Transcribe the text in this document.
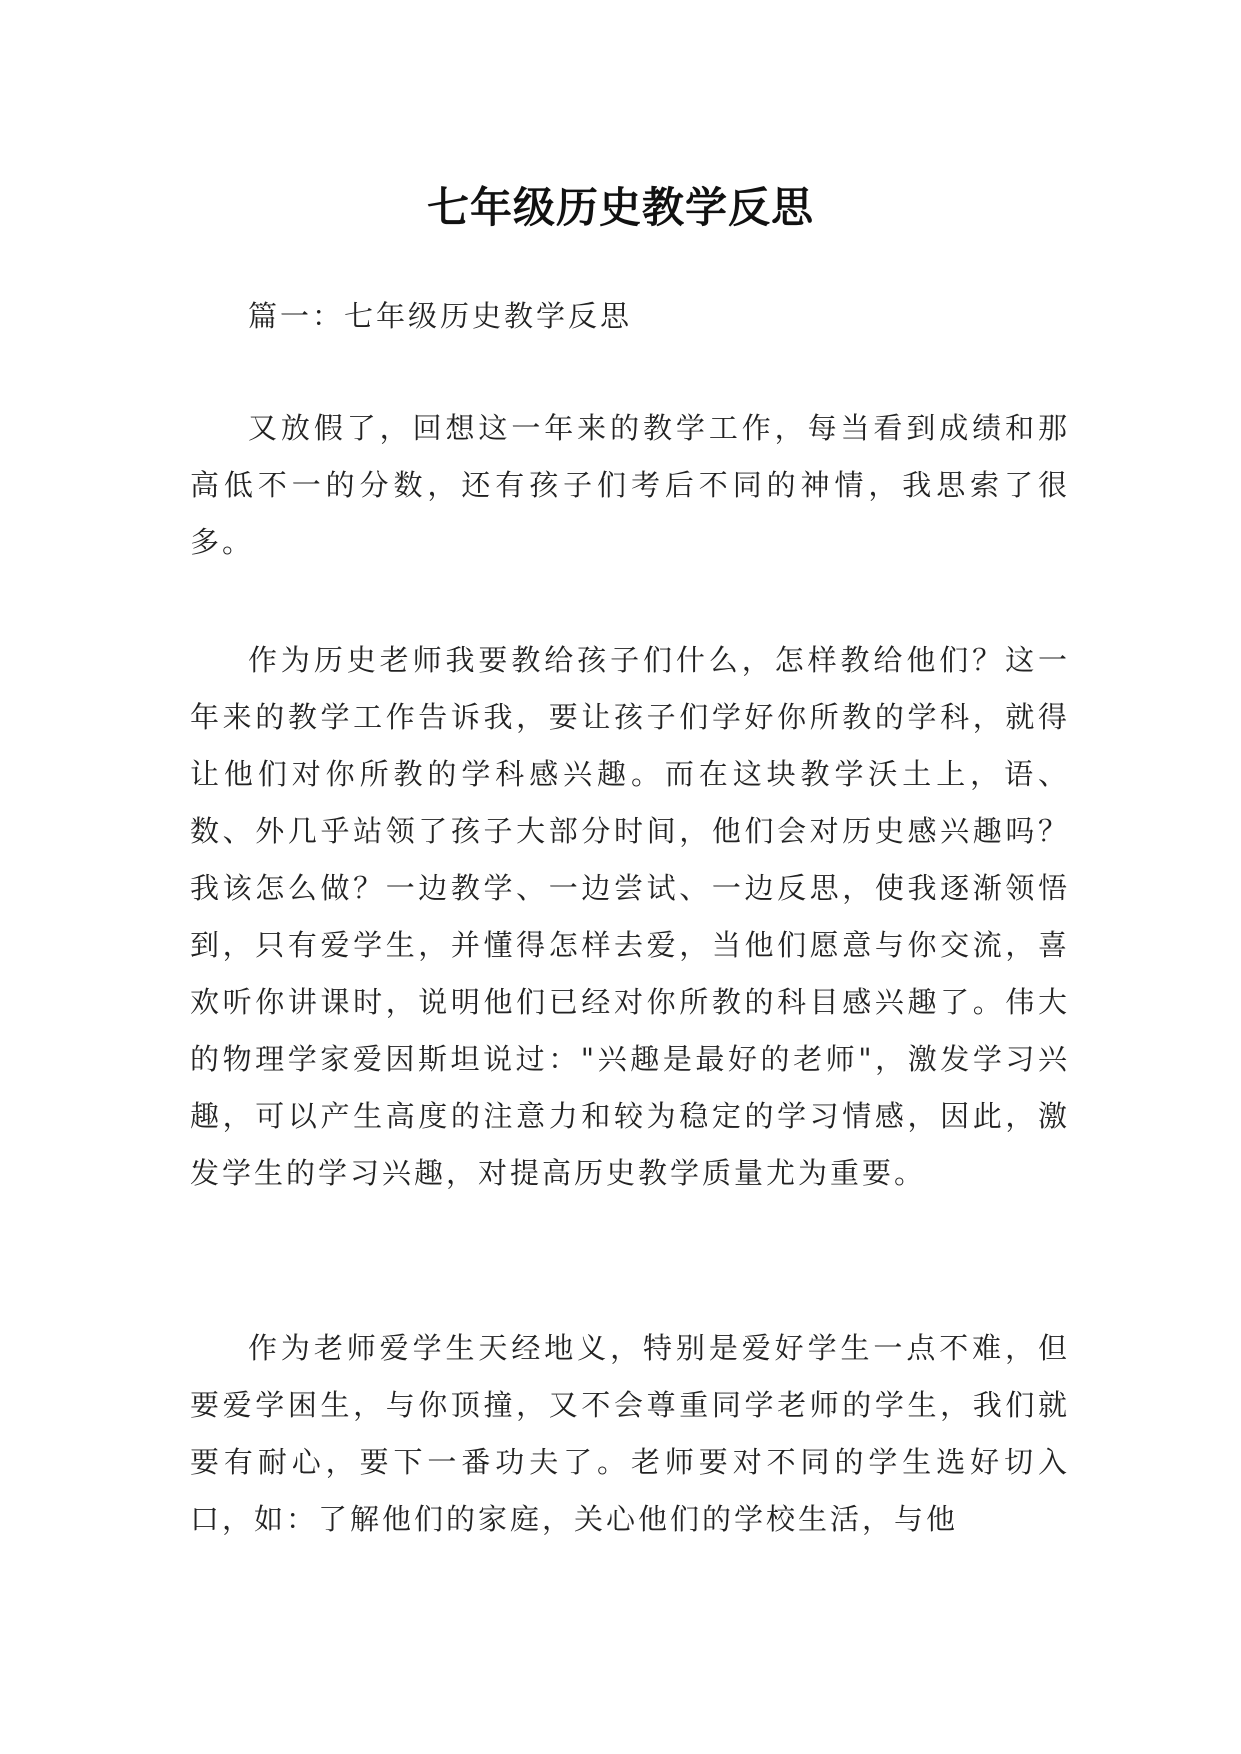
七年级历史教学反思

篇一：七年级历史教学反思

又放假了，回想这一年来的教学工作，每当看到成绩和那高低不一的分数，还有孩子们考后不同的神情，我思索了很多。

作为历史老师我要教给孩子们什么，怎样教给他们？这一年来的教学工作告诉我，要让孩子们学好你所教的学科，就得让他们对你所教的学科感兴趣。而在这块教学沃土上，语、数、外几乎站领了孩子大部分时间，他们会对历史感兴趣吗？我该怎么做？一边教学、一边尝试、一边反思，使我逐渐领悟到，只有爱学生，并懂得怎样去爱，当他们愿意与你交流，喜欢听你讲课时，说明他们已经对你所教的科目感兴趣了。伟大的物理学家爱因斯坦说过："兴趣是最好的老师"，激发学习兴趣，可以产生高度的注意力和较为稳定的学习情感，因此，激发学生的学习兴趣，对提高历史教学质量尤为重要。

作为老师爱学生天经地义，特别是爱好学生一点不难，但要爱学困生，与你顶撞，又不会尊重同学老师的学生，我们就要有耐心，要下一番功夫了。老师要对不同的学生选好切入口，如：了解他们的家庭，关心他们的学校生活，与他
